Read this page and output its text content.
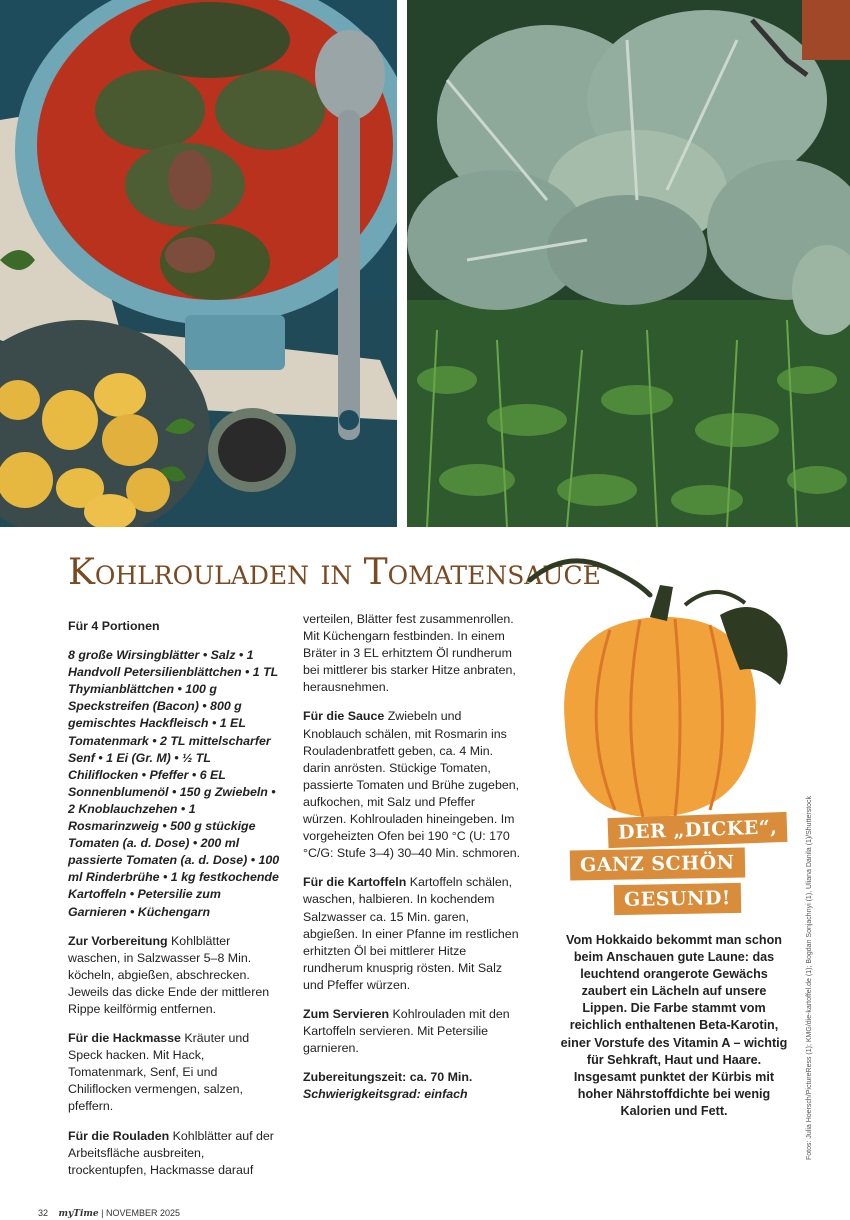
Kohlrouladen in Tomatensauce

Für 4 Portionen

8 große Wirsingblätter • Salz • 1 Handvoll Petersilienblättchen • 1 TL Thymianblättchen • 100 g Speckstreifen (Bacon) • 800 g gemischtes Hackfleisch • 1 EL Tomatenmark • 2 TL mittelscharfer Senf • 1 Ei (Gr. M) • ½ TL Chiliflocken • Pfeffer • 6 EL Sonnenblumenöl • 150 g Zwiebeln • 2 Knoblauchzehen • 1 Rosmarinzweig • 500 g stückige Tomaten (a. d. Dose) • 200 ml passierte Tomaten (a. d. Dose) • 100 ml Rinderbrühe • 1 kg festkochende Kartoffeln • Petersilie zum Garnieren • Küchengarn

Zur Vorbereitung Kohlblätter waschen, in Salzwasser 5–8 Min. köcheln, abgießen, abschrecken. Jeweils das dicke Ende der mittleren Rippe keilförmig entfernen.

Für die Hackmasse Kräuter und Speck hacken. Mit Hack, Tomatenmark, Senf, Ei und Chiliflocken vermengen, salzen, pfeffern.

Für die Rouladen Kohlblätter auf der Arbeitsfläche ausbreiten, trockentupfen, Hackmasse darauf

verteilen, Blätter fest zusammenrollen. Mit Küchengarn festbinden. In einem Bräter in 3 EL erhitztem Öl rundherum bei mittlerer bis starker Hitze anbraten, herausnehmen.

Für die Sauce Zwiebeln und Knoblauch schälen, mit Rosmarin ins Rouladenbratfett geben, ca. 4 Min. darin anrösten. Stückige Tomaten, passierte Tomaten und Brühe zugeben, aufkochen, mit Salz und Pfeffer würzen. Kohlrouladen hineingeben. Im vorgeheizten Ofen bei 190 °C (U: 170 °C/G: Stufe 3–4) 30–40 Min. schmoren.

Für die Kartoffeln Kartoffeln schälen, waschen, halbieren. In kochendem Salzwasser ca. 15 Min. garen, abgießen. In einer Pfanne im restlichen erhitzten Öl bei mittlerer Hitze rundherum knusprig rösten. Mit Salz und Pfeffer würzen.

Zum Servieren Kohlrouladen mit den Kartoffeln servieren. Mit Petersilie garnieren.

Zubereitungszeit: ca. 70 Min.
Schwierigkeitsgrad: einfach

DER „DICKE“,
GANZ SCHÖN
GESUND!
Vom Hokkaido bekommt man schon beim Anschauen gute Laune: das leuchtend orangerote Gewächs zaubert ein Lächeln auf unsere Lippen. Die Farbe stammt vom reichlich enthaltenen Beta-Karotin, einer Vorstufe des Vitamin A – wichtig für Sehkraft, Haut und Haare. Insgesamt punktet der Kürbis mit hoher Nährstoffdichte bei wenig Kalorien und Fett.	Fotos: Julia Hoersch/PictureRess (1); KMG/die-kartoffel.de (1); Bogdan Sonjachnyi (1), Uliana Danila (1)/Shutterstock
32 myTime | NOVEMBER 2025
